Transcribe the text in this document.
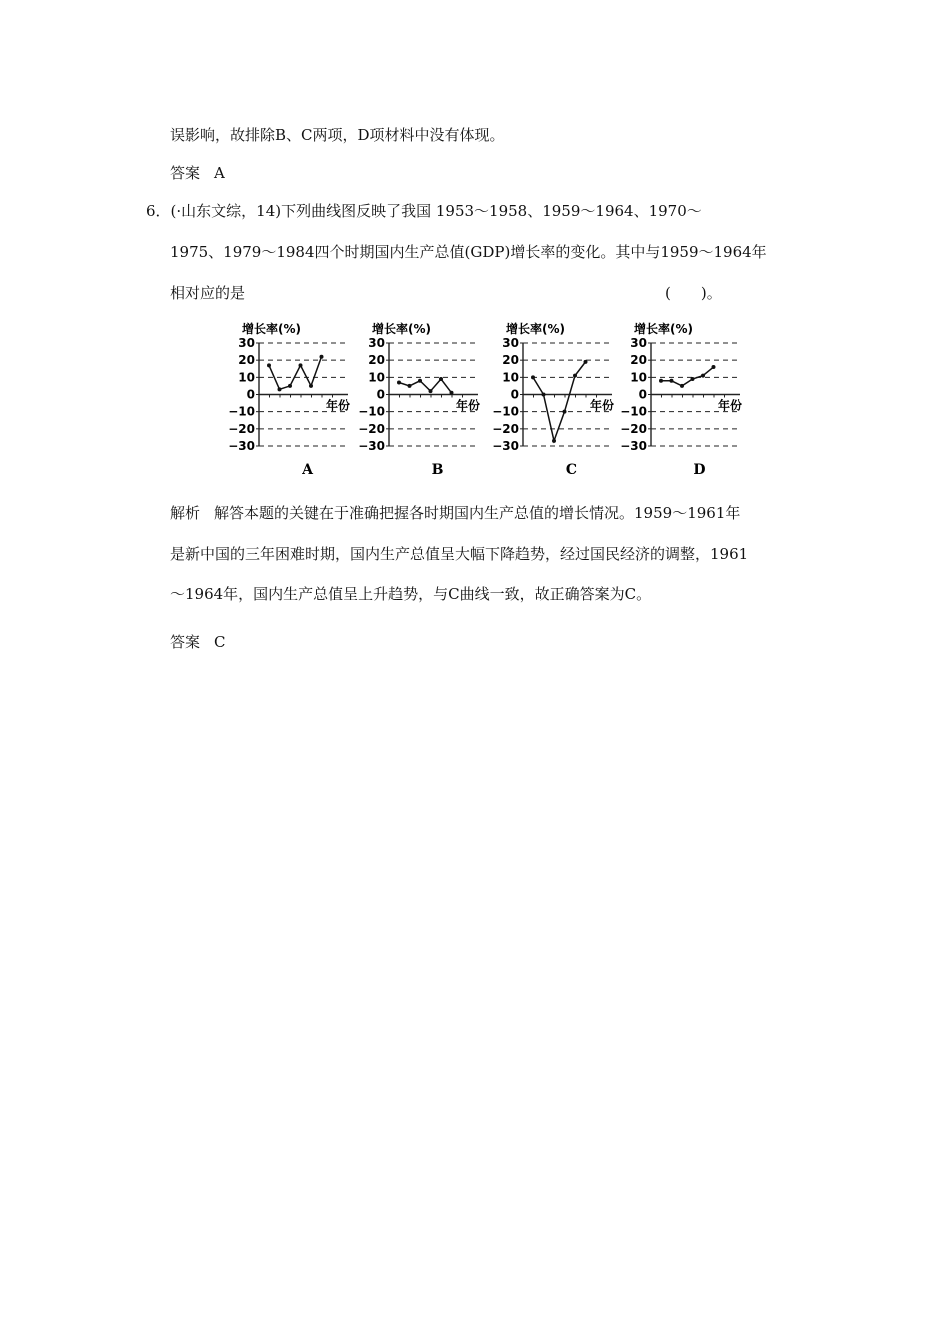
误影响，故排除B、C两项，D项材料中没有体现。
答案 A
6．(·山东文综，14)下列曲线图反映了我国 1953～1958、1959～1964、1970～
1975、1979～1984四个时期国内生产总值(GDP)增长率的变化。其中与1959～1964年
相对应的是	(　　)。
增长率(%)
30
20
10
0
−10
−20
−30
年份
A
增长率(%)
30
20
10
0
−10
−20
−30
年份
B
增长率(%)
30
20
10
0
−10
−20
−30
年份
C
增长率(%)
30
20
10
0
−10
−20
−30
年份
D
解析 解答本题的关键在于准确把握各时期国内生产总值的增长情况。1959～1961年
是新中国的三年困难时期，国内生产总值呈大幅下降趋势，经过国民经济的调整，1961
～1964年，国内生产总值呈上升趋势，与C曲线一致，故正确答案为C。
答案 C
